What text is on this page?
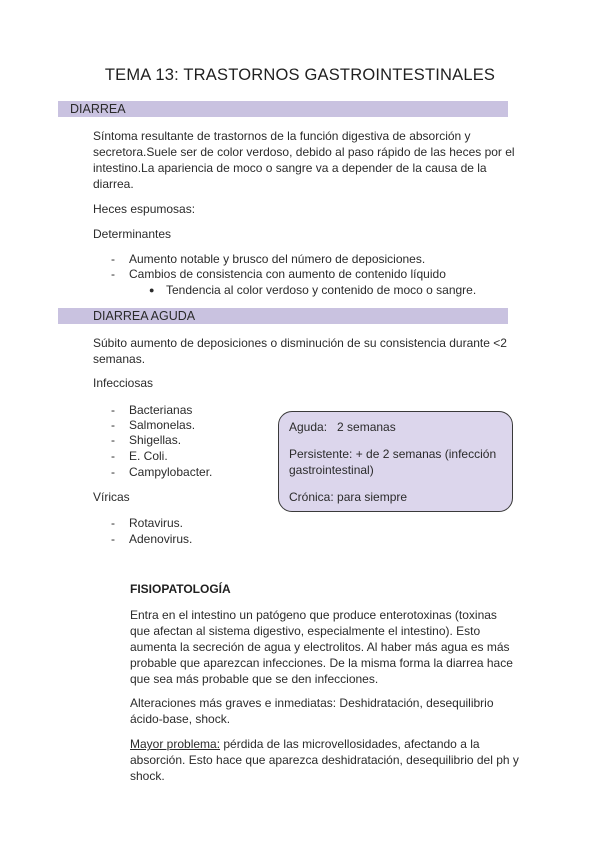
TEMA 13: TRASTORNOS GASTROINTESTINALES
DIARREA
Síntoma resultante de trastornos de la función digestiva de absorción y
secretora.Suele ser de color verdoso, debido al paso rápido de las heces por el
intestino.La apariencia de moco o sangre va a depender de la causa de la
diarrea.
Heces espumosas:
Determinantes
- Aumento notable y brusco del número de deposiciones.
- Cambios de consistencia con aumento de contenido líquido
● Tendencia al color verdoso y contenido de moco o sangre.
DIARREA AGUDA
Súbito aumento de deposiciones o disminución de su consistencia durante <2
semanas.
Infecciosas
- Bacterianas
- Salmonelas.
- Shigellas.
- E. Coli.
- Campylobacter.
Víricas
- Rotavirus.
- Adenovirus.
Aguda:   2 semanas
Persistente: + de 2 semanas (infección
gastrointestinal)
Crónica: para siempre
FISIOPATOLOGÍA
Entra en el intestino un patógeno que produce enterotoxinas (toxinas
que afectan al sistema digestivo, especialmente el intestino). Esto
aumenta la secreción de agua y electrolitos. Al haber más agua es más
probable que aparezcan infecciones. De la misma forma la diarrea hace
que sea más probable que se den infecciones.
Alteraciones más graves e inmediatas: Deshidratación, desequilibrio
ácido-base, shock.
Mayor problema: pérdida de las microvellosidades, afectando a la
absorción. Esto hace que aparezca deshidratación, desequilibrio del ph y
shock.
